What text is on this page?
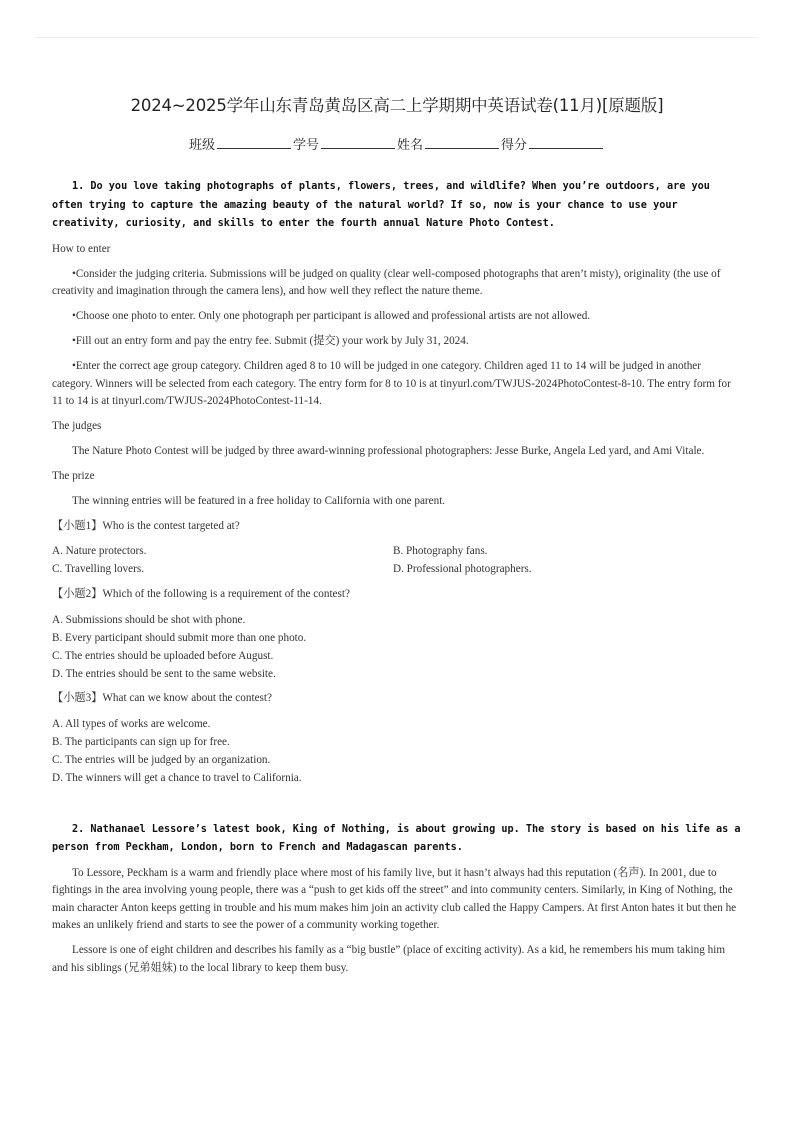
2024~2025学年山东青岛黄岛区高二上学期期中英语试卷(11月)[原题版]
班级	学号	姓名	得分

1. Do you love taking photographs of plants, flowers, trees, and wildlife? When you’re outdoors, are you often trying to capture the amazing beauty of the natural world? If so, now is your chance to use your creativity, curiosity, and skills to enter the fourth annual Nature Photo Contest.

How to enter

•Consider the judging criteria. Submissions will be judged on quality (clear well-composed photographs that aren’t misty), originality (the use of creativity and imagination through the camera lens), and how well they reflect the nature theme.

•Choose one photo to enter. Only one photograph per participant is allowed and professional artists are not allowed.

•Fill out an entry form and pay the entry fee. Submit (提交) your work by July 31, 2024.

•Enter the correct age group category. Children aged 8 to 10 will be judged in one category. Children aged 11 to 14 will be judged in another category. Winners will be selected from each category. The entry form for 8 to 10 is at tinyurl.com/TWJUS-2024PhotoContest-8-10. The entry form for 11 to 14 is at tinyurl.com/TWJUS-2024PhotoContest-11-14.

The judges

The Nature Photo Contest will be judged by three award-winning professional photographers: Jesse Burke, Angela Led yard, and Ami Vitale.

The prize

The winning entries will be featured in a free holiday to California with one parent.

【小题1】Who is the contest targeted at?

A. Nature protectors.	B. Photography fans.
C. Travelling lovers.	D. Professional photographers.

【小题2】Which of the following is a requirement of the contest?

A. Submissions should be shot with phone.
B. Every participant should submit more than one photo.
C. The entries should be uploaded before August.
D. The entries should be sent to the same website.

【小题3】What can we know about the contest?

A. All types of works are welcome.
B. The participants can sign up for free.
C. The entries will be judged by an organization.
D. The winners will get a chance to travel to California.

2. Nathanael Lessore’s latest book, King of Nothing, is about growing up. The story is based on his life as a person from Peckham, London, born to French and Madagascan parents.

To Lessore, Peckham is a warm and friendly place where most of his family live, but it hasn’t always had this reputation (名声). In 2001, due to fightings in the area involving young people, there was a “push to get kids off the street” and into community centers. Similarly, in King of Nothing, the main character Anton keeps getting in trouble and his mum makes him join an activity club called the Happy Campers. At first Anton hates it but then he makes an unlikely friend and starts to see the power of a community working together.

Lessore is one of eight children and describes his family as a “big bustle” (place of exciting activity). As a kid, he remembers his mum taking him and his siblings (兄弟姐妹) to the local library to keep them busy.
